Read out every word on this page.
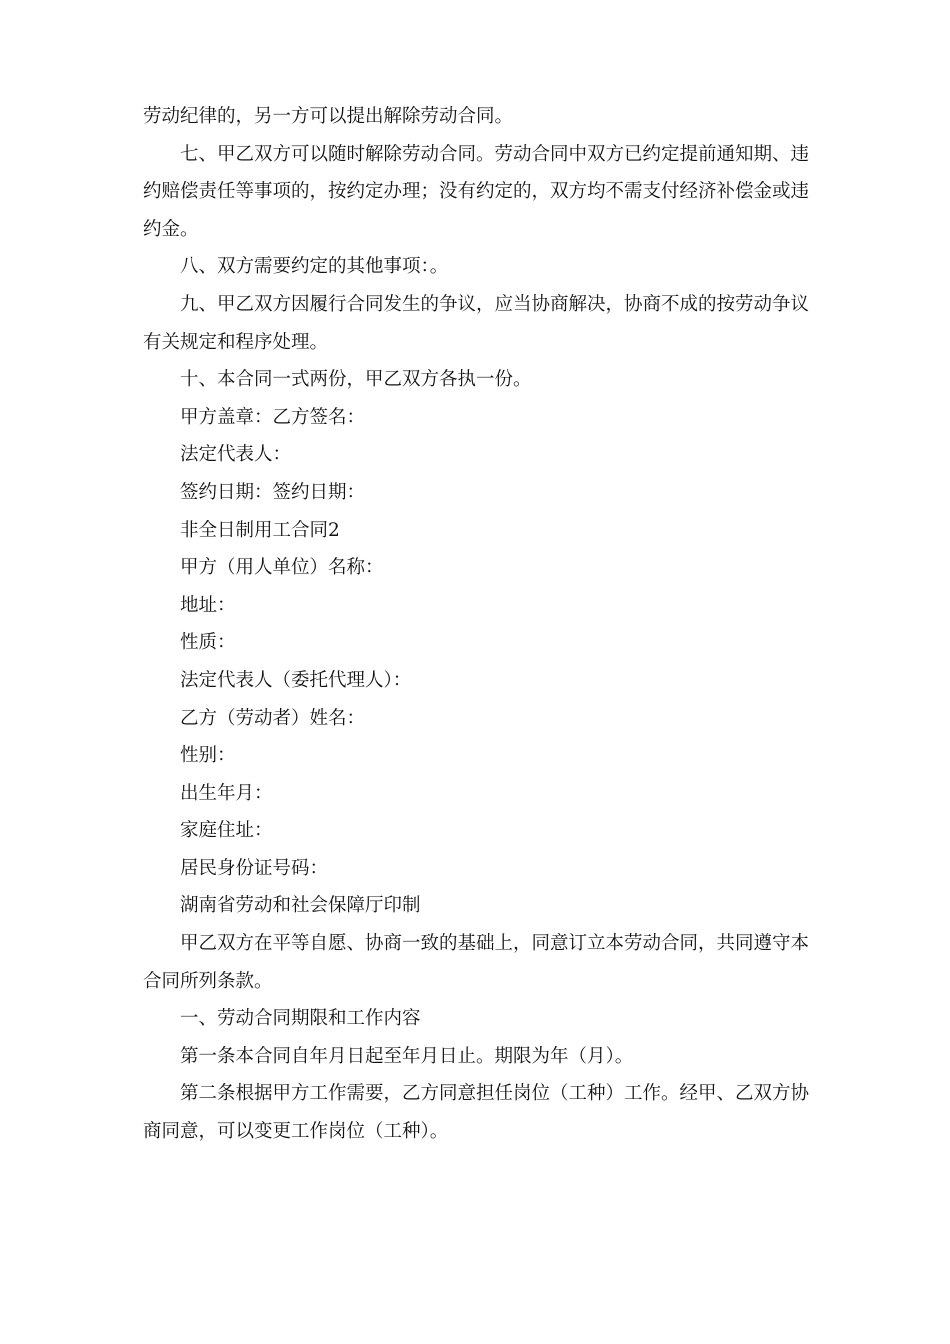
劳动纪律的，另一方可以提出解除劳动合同。

七、甲乙双方可以随时解除劳动合同。劳动合同中双方已约定提前通知期、违约赔偿责任等事项的，按约定办理；没有约定的，双方均不需支付经济补偿金或违约金。

八、双方需要约定的其他事项：。

九、甲乙双方因履行合同发生的争议，应当协商解决，协商不成的按劳动争议有关规定和程序处理。

十、本合同一式两份，甲乙双方各执一份。

甲方盖章：乙方签名：

法定代表人：

签约日期：签约日期：

非全日制用工合同2

甲方（用人单位）名称：

地址：

性质：

法定代表人（委托代理人）：

乙方（劳动者）姓名：

性别：

出生年月：

家庭住址：

居民身份证号码：

湖南省劳动和社会保障厅印制

甲乙双方在平等自愿、协商一致的基础上，同意订立本劳动合同，共同遵守本合同所列条款。

一、劳动合同期限和工作内容

第一条本合同自年月日起至年月日止。期限为年（月）。

第二条根据甲方工作需要，乙方同意担任岗位（工种）工作。经甲、乙双方协商同意，可以变更工作岗位（工种）。
